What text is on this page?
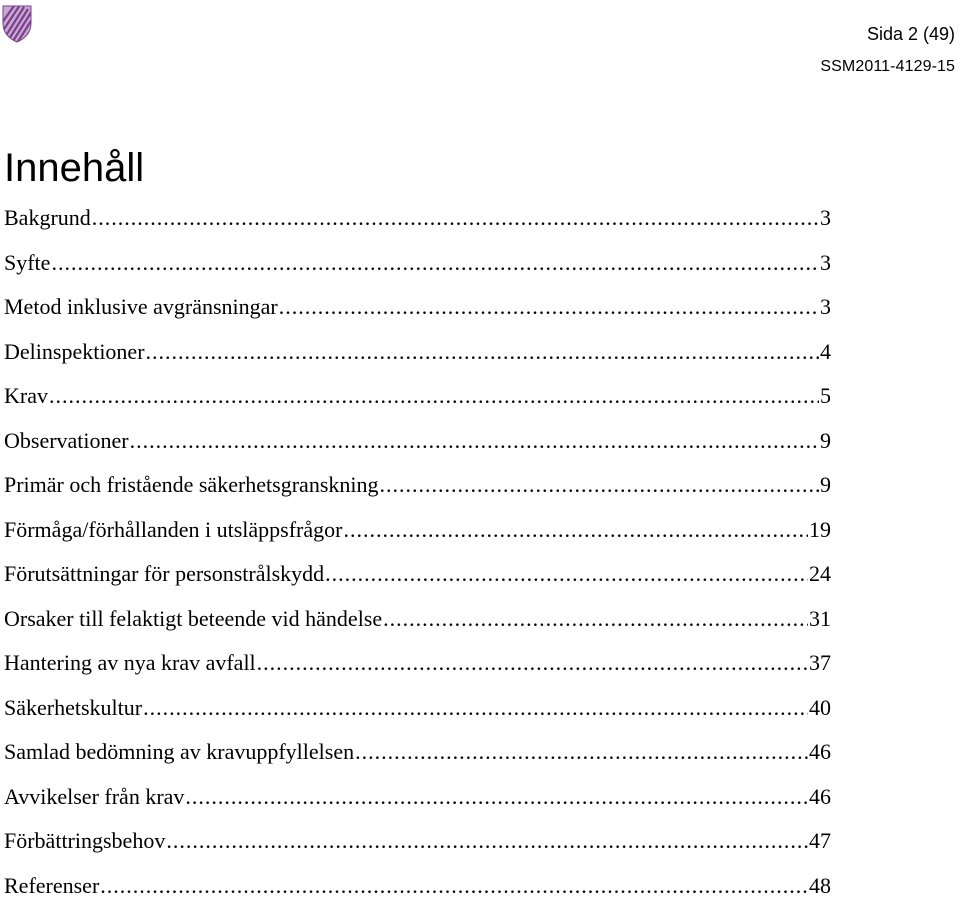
Sida 2 (49)
SSM2011-4129-15
Innehåll
Bakgrund .....	3
Syfte .....	3
Metod inklusive avgränsningar .....	3
Delinspektioner .....	4
Krav .....	5
Observationer .....	9
Primär och fristående säkerhetsgranskning .....	9
Förmåga/förhållanden i utsläppsfrågor .....	19
Förutsättningar för personstrålskydd .....	24
Orsaker till felaktigt beteende vid händelse .....	31
Hantering av nya krav avfall .....	37
Säkerhetskultur .....	40
Samlad bedömning av kravuppfyllelsen .....	46
Avvikelser från krav .....	46
Förbättringsbehov .....	47
Referenser .....	48
